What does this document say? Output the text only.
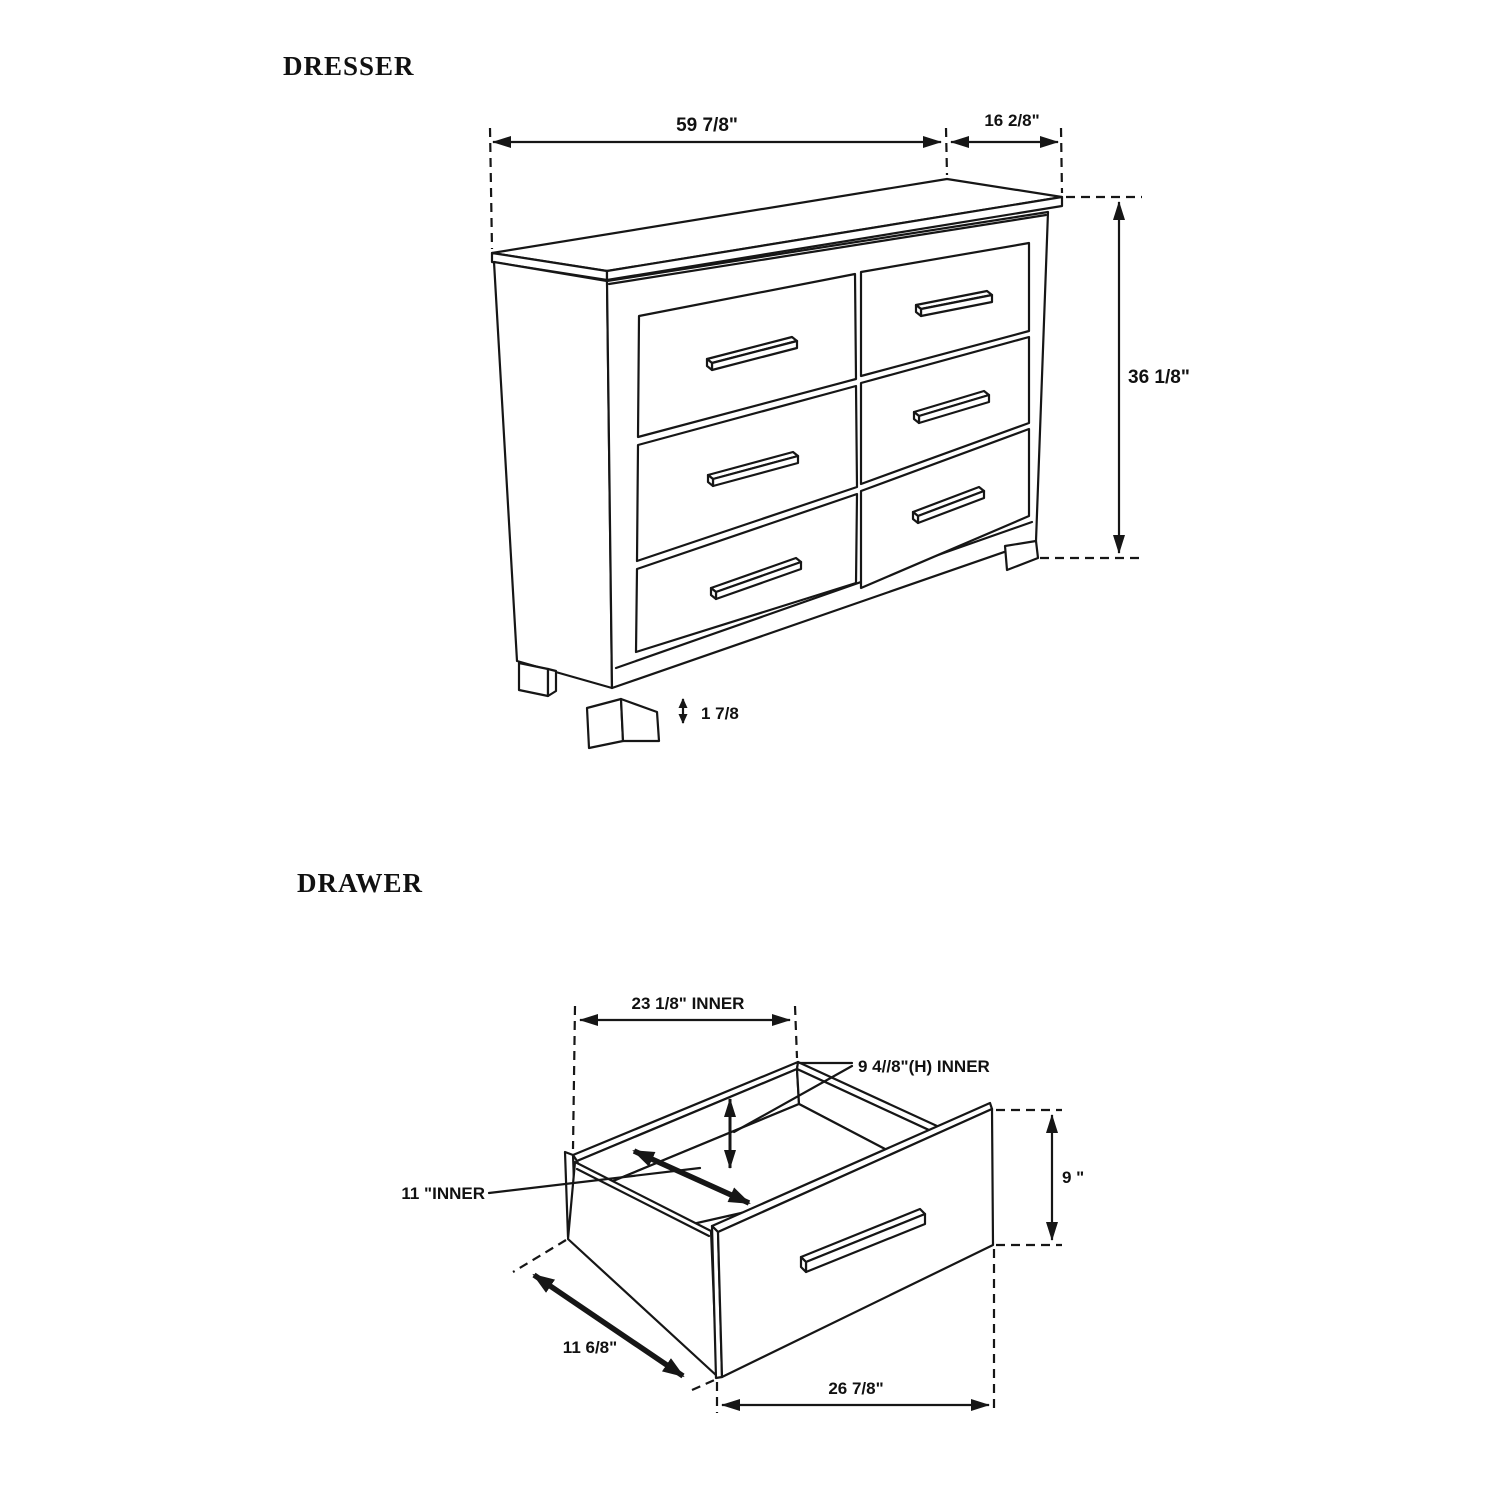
DRESSER
59 7/8"	16 2/8"
36 1/8"
1 7/8
DRAWER
23 1/8" INNER
9 4//8"(H) INNER
11 "INNER
11 6/8"
9 "
26 7/8"
